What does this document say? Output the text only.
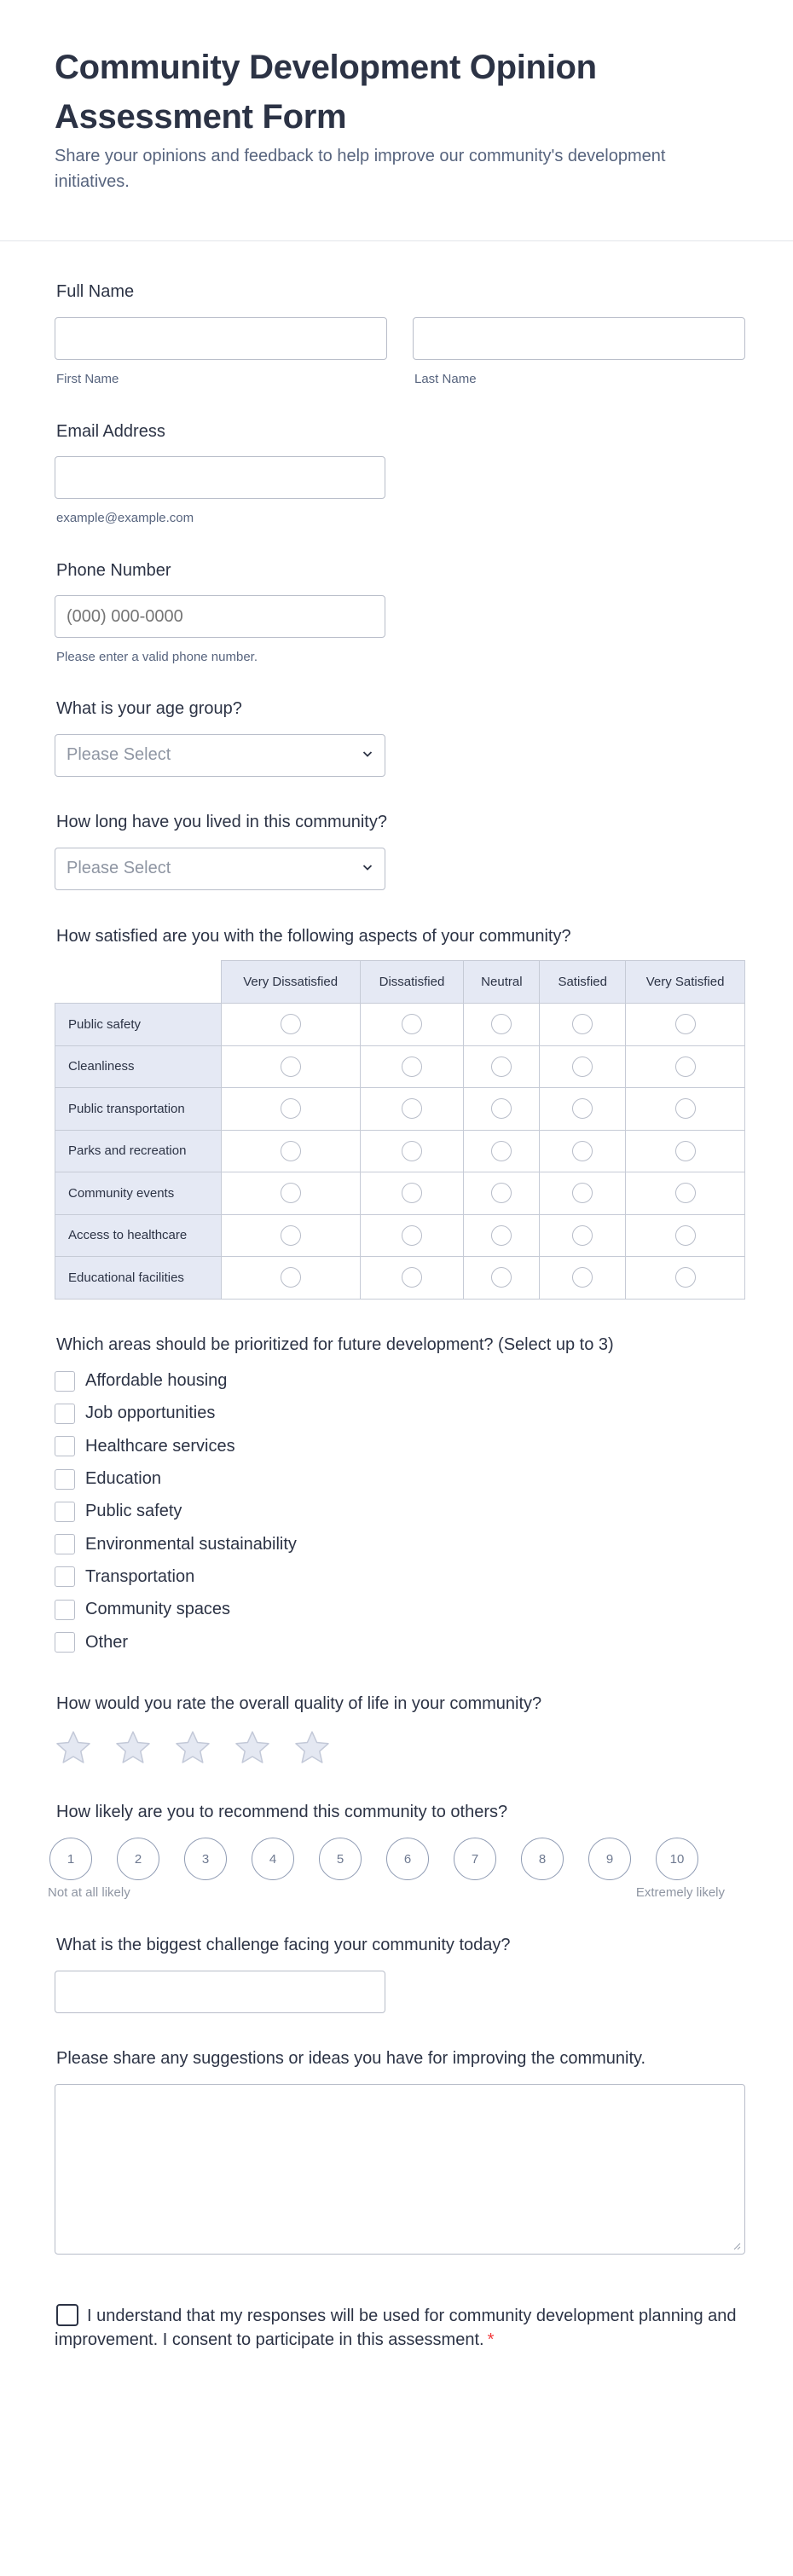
Community Development Opinion Assessment Form

Share your opinions and feedback to help improve our community's development initiatives.

Full Name
First Name	Last Name
Email Address
example@example.com
Phone Number
(000) 000-0000
Please enter a valid phone number.
What is your age group?
Please Select
How long have you lived in this community?
Please Select
How satisfied are you with the following aspects of your community?
	Very Dissatisfied	Dissatisfied	Neutral	Satisfied	Very Satisfied
Public safety					
Cleanliness					
Public transportation					
Parks and recreation					
Community events					
Access to healthcare					
Educational facilities					
Which areas should be prioritized for future development? (Select up to 3)
Affordable housing
Job opportunities
Healthcare services
Education
Public safety
Environmental sustainability
Transportation
Community spaces
Other
How would you rate the overall quality of life in your community?
How likely are you to recommend this community to others?
1	2	3	4	5	6	7	8	9	10
Not at all likely	Extremely likely
What is the biggest challenge facing your community today?
Please share any suggestions or ideas you have for improving the community.
I understand that my responses will be used for community development planning and improvement. I consent to participate in this assessment. *
